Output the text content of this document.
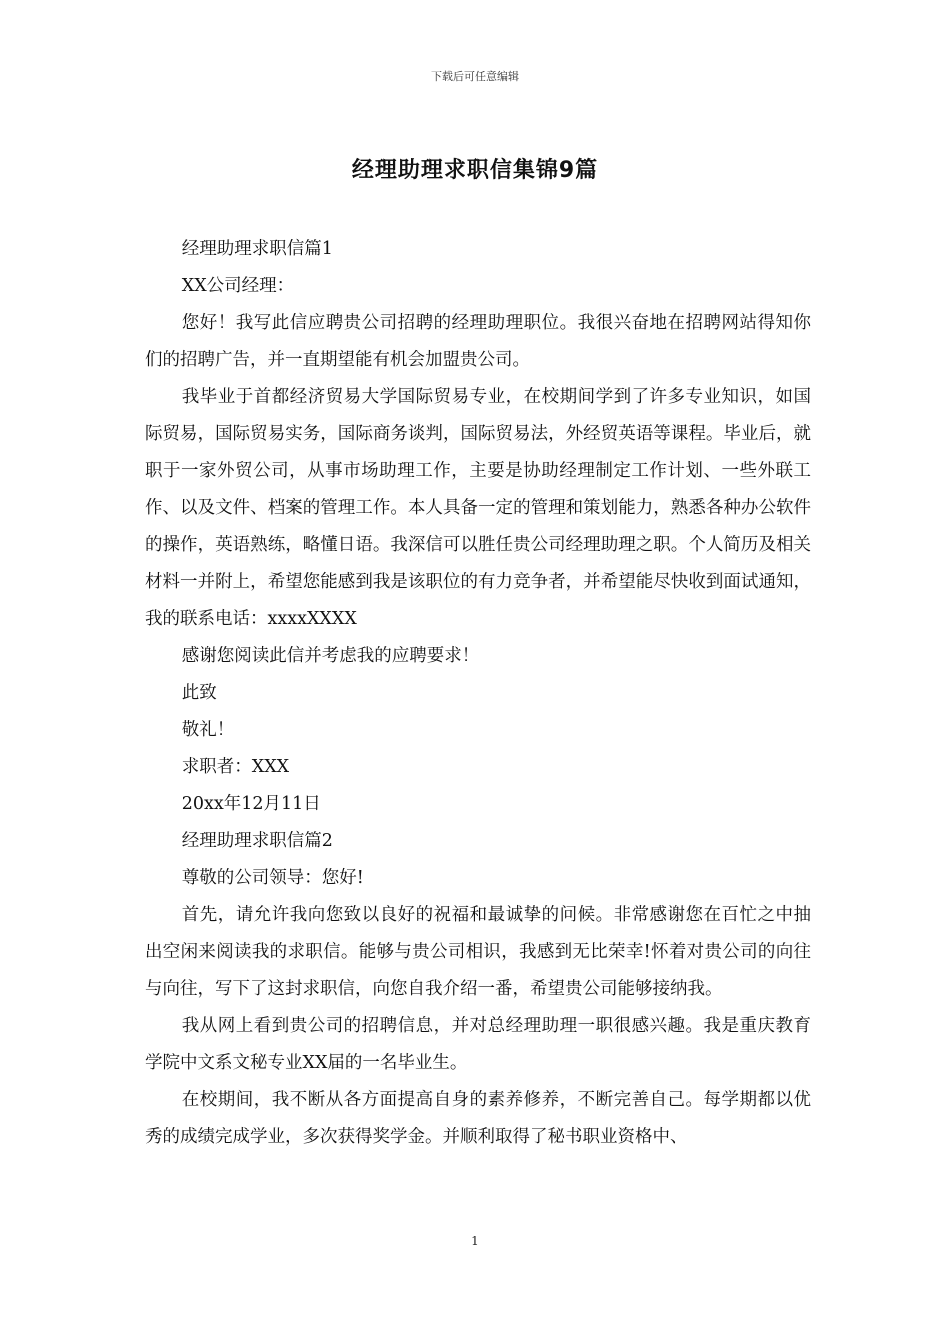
下载后可任意编辑
经理助理求职信集锦9篇

经理助理求职信篇1

XX公司经理：

您好！我写此信应聘贵公司招聘的经理助理职位。我很兴奋地在招聘网站得知你们的招聘广告，并一直期望能有机会加盟贵公司。

我毕业于首都经济贸易大学国际贸易专业，在校期间学到了许多专业知识，如国际贸易，国际贸易实务，国际商务谈判，国际贸易法，外经贸英语等课程。毕业后，就职于一家外贸公司，从事市场助理工作，主要是协助经理制定工作计划、一些外联工作、以及文件、档案的管理工作。本人具备一定的管理和策划能力，熟悉各种办公软件的操作，英语熟练，略懂日语。我深信可以胜任贵公司经理助理之职。个人简历及相关材料一并附上，希望您能感到我是该职位的有力竞争者，并希望能尽快收到面试通知，我的联系电话：xxxxXXXX

感谢您阅读此信并考虑我的应聘要求！

此致

敬礼！

求职者：XXX

20xx年12月11日

经理助理求职信篇2

尊敬的公司领导：您好!

首先，请允许我向您致以良好的祝福和最诚挚的问候。非常感谢您在百忙之中抽出空闲来阅读我的求职信。能够与贵公司相识，我感到无比荣幸!怀着对贵公司的向往与向往，写下了这封求职信，向您自我介绍一番，希望贵公司能够接纳我。

我从网上看到贵公司的招聘信息，并对总经理助理一职很感兴趣。我是重庆教育学院中文系文秘专业XX届的一名毕业生。

在校期间，我不断从各方面提高自身的素养修养，不断完善自己。每学期都以优秀的成绩完成学业，多次获得奖学金。并顺利取得了秘书职业资格中、

1
